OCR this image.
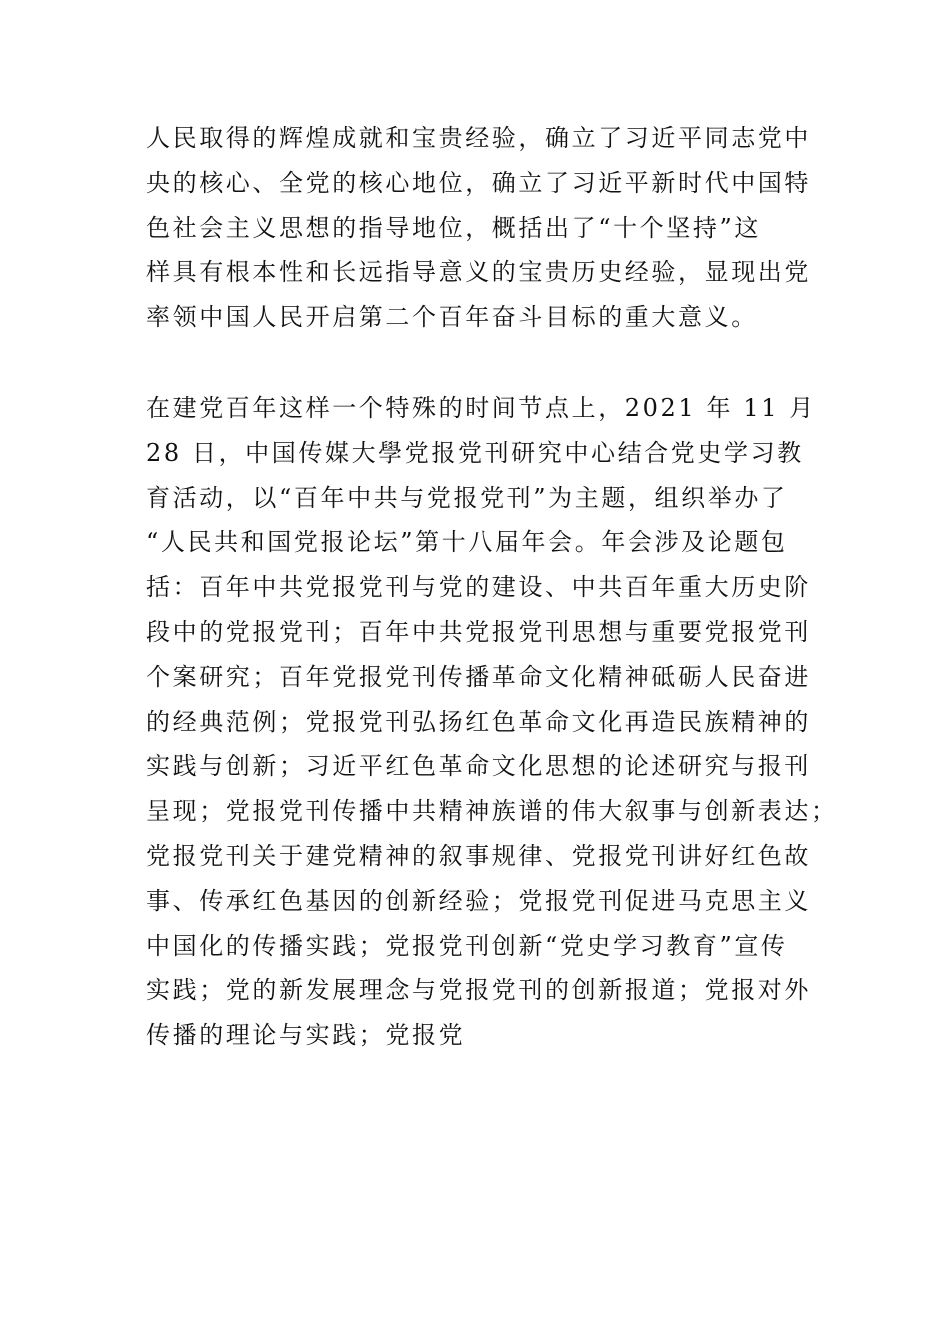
人民取得的辉煌成就和宝贵经验，确立了习近平同志党中
央的核心、全党的核心地位，确立了习近平新时代中国特
色社会主义思想的指导地位，概括出了“十个坚持”这
样具有根本性和长远指导意义的宝贵历史经验，显现出党
率领中国人民开启第二个百年奋斗目标的重大意义。
在建党百年这样一个特殊的时间节点上，2021 年 11 月
28 日，中国传媒大學党报党刊研究中心结合党史学习教
育活动，以“百年中共与党报党刊”为主题，组织举办了
“人民共和国党报论坛”第十八届年会。年会涉及论题包
括：百年中共党报党刊与党的建设、中共百年重大历史阶
段中的党报党刊；百年中共党报党刊思想与重要党报党刊
个案研究；百年党报党刊传播革命文化精神砥砺人民奋进
的经典范例；党报党刊弘扬红色革命文化再造民族精神的
实践与创新；习近平红色革命文化思想的论述研究与报刊
呈现；党报党刊传播中共精神族谱的伟大叙事与创新表达；
党报党刊关于建党精神的叙事规律、党报党刊讲好红色故
事、传承红色基因的创新经验；党报党刊促进马克思主义
中国化的传播实践；党报党刊创新“党史学习教育”宣传
实践；党的新发展理念与党报党刊的创新报道；党报对外
传播的理论与实践；党报党
